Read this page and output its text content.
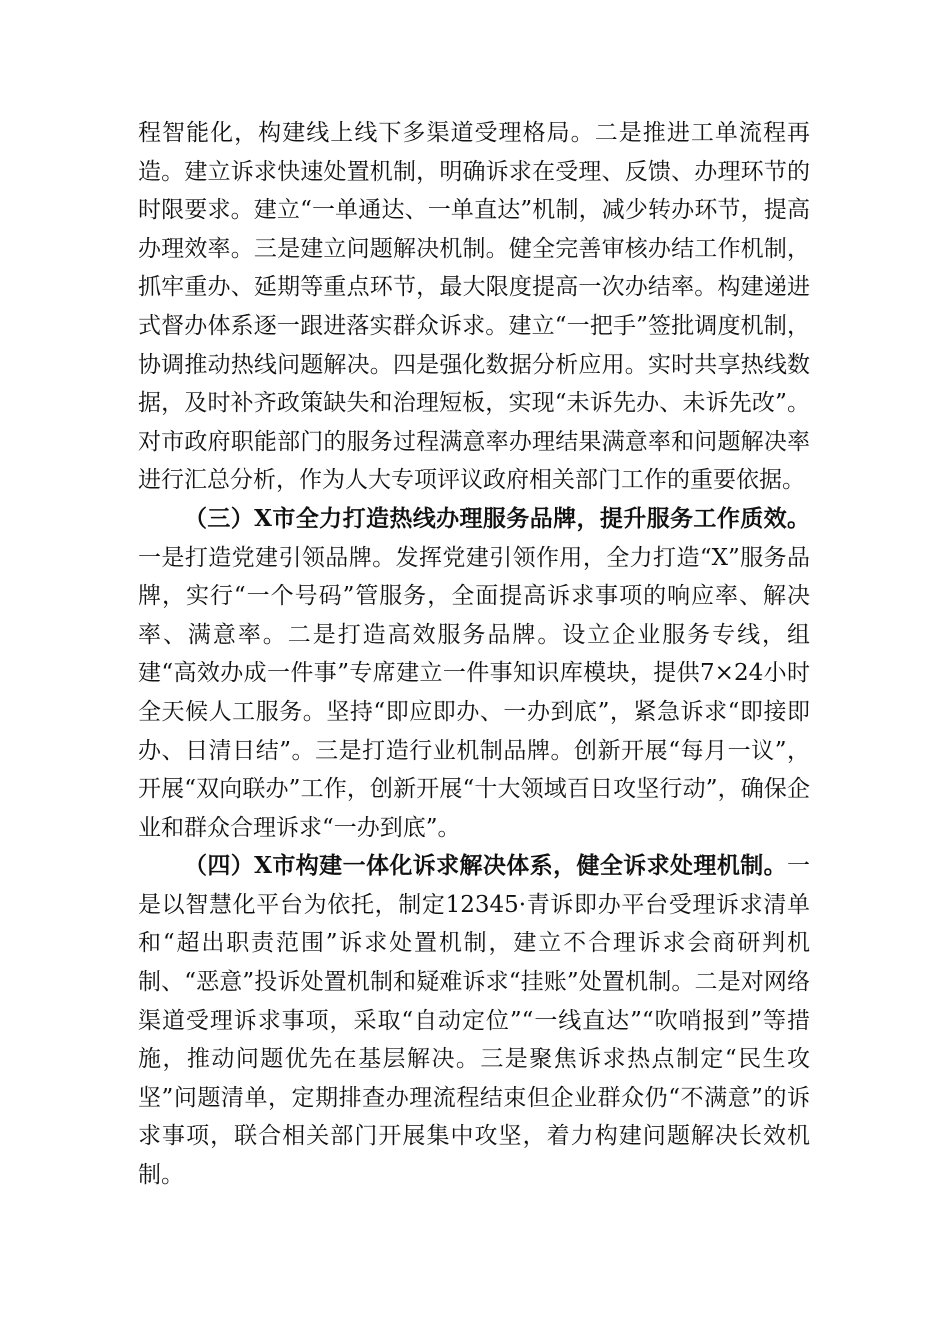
程智能化，构建线上线下多渠道受理格局。二是推进工单流程再造。建立诉求快速处置机制，明确诉求在受理、反馈、办理环节的时限要求。建立“一单通达、一单直达”机制，减少转办环节，提高办理效率。三是建立问题解决机制。健全完善审核办结工作机制，抓牢重办、延期等重点环节，最大限度提高一次办结率。构建递进式督办体系逐一跟进落实群众诉求。建立“一把手”签批调度机制，协调推动热线问题解决。四是强化数据分析应用。实时共享热线数据，及时补齐政策缺失和治理短板，实现“未诉先办、未诉先改”。对市政府职能部门的服务过程满意率办理结果满意率和问题解决率进行汇总分析，作为人大专项评议政府相关部门工作的重要依据。

（三）X市全力打造热线办理服务品牌，提升服务工作质效。一是打造党建引领品牌。发挥党建引领作用，全力打造“X”服务品牌，实行“一个号码”管服务，全面提高诉求事项的响应率、解决率、满意率。二是打造高效服务品牌。设立企业服务专线，组建“高效办成一件事”专席建立一件事知识库模块，提供7×24小时全天候人工服务。坚持“即应即办、一办到底”，紧急诉求“即接即办、日清日结”。三是打造行业机制品牌。创新开展“每月一议”，开展“双向联办”工作，创新开展“十大领域百日攻坚行动”，确保企业和群众合理诉求“一办到底”。

（四）X市构建一体化诉求解决体系，健全诉求处理机制。一是以智慧化平台为依托，制定12345·青诉即办平台受理诉求清单和“超出职责范围”诉求处置机制，建立不合理诉求会商研判机制、“恶意”投诉处置机制和疑难诉求“挂账”处置机制。二是对网络渠道受理诉求事项，采取“自动定位”“一线直达”“吹哨报到”等措施，推动问题优先在基层解决。三是聚焦诉求热点制定“民生攻坚”问题清单，定期排查办理流程结束但企业群众仍“不满意”的诉求事项，联合相关部门开展集中攻坚，着力构建问题解决长效机制。
